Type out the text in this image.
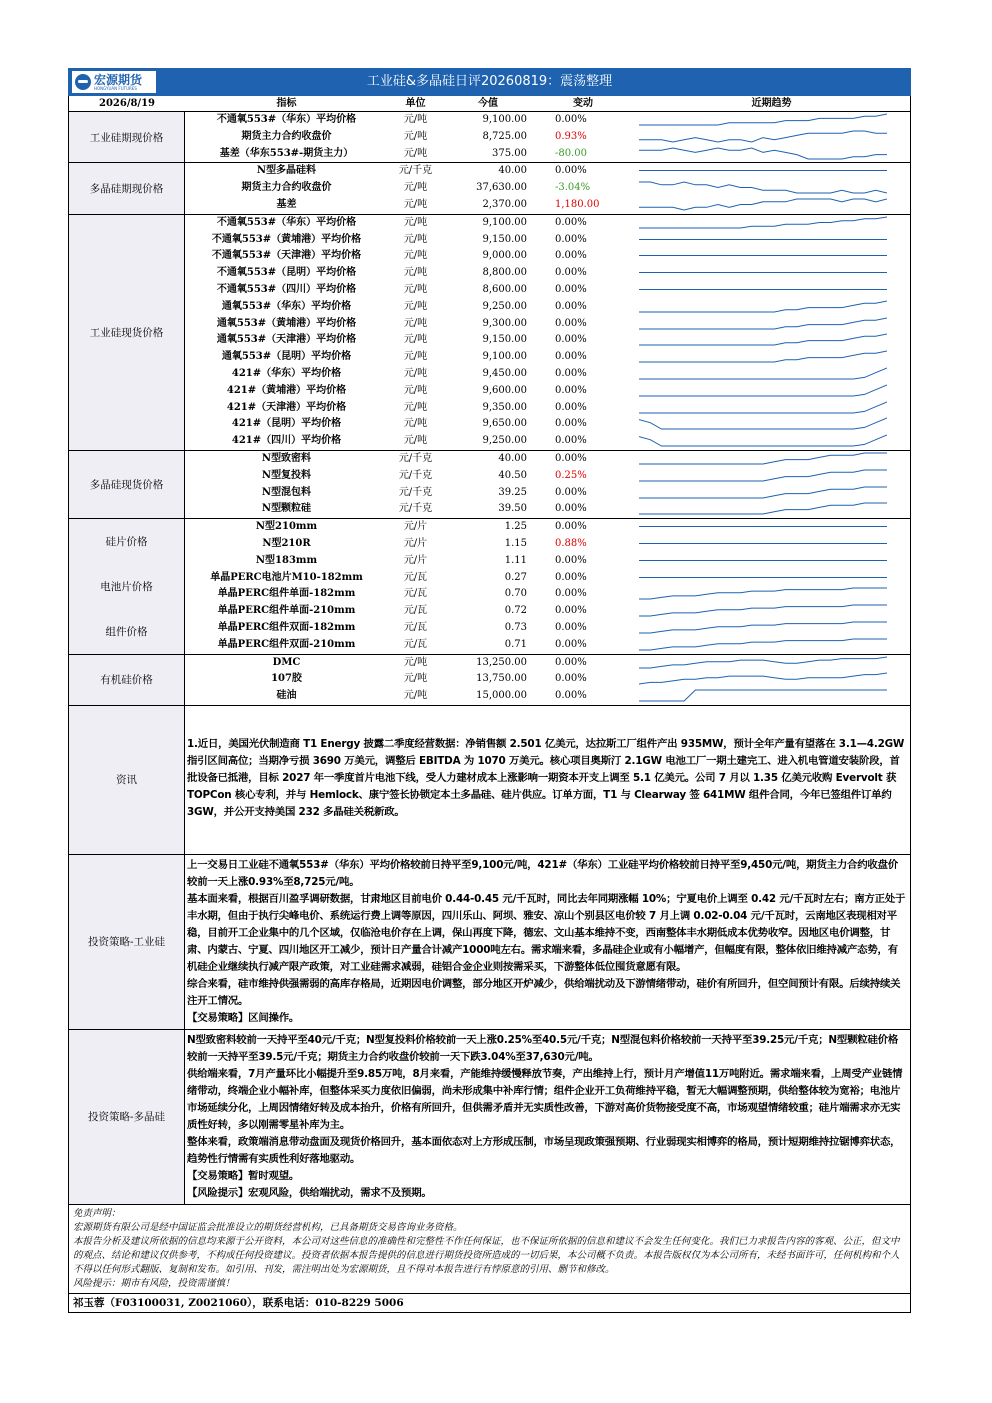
宏源期货
HONGYUAN FUTURES	工业硅&多晶硅日评20260819：震荡整理
2026/8/19	指标	单位	今值	变动	近期趋势
工业硅期现价格
不通氧553#（华东）平均价格	元/吨	9,100.00	0.00%
期货主力合约收盘价	元/吨	8,725.00	0.93%
基差（华东553#-期货主力）	元/吨	375.00	-80.00
多晶硅期现价格
N型多晶硅料	元/千克	40.00	0.00%
期货主力合约收盘价	元/吨	37,630.00	-3.04%
基差	元/吨	2,370.00	1,180.00
工业硅现货价格
不通氧553#（华东）平均价格	元/吨	9,100.00	0.00%
不通氧553#（黄埔港）平均价格	元/吨	9,150.00	0.00%
不通氧553#（天津港）平均价格	元/吨	9,000.00	0.00%
不通氧553#（昆明）平均价格	元/吨	8,800.00	0.00%
不通氧553#（四川）平均价格	元/吨	8,600.00	0.00%
通氧553#（华东）平均价格	元/吨	9,250.00	0.00%
通氧553#（黄埔港）平均价格	元/吨	9,300.00	0.00%
通氧553#（天津港）平均价格	元/吨	9,150.00	0.00%
通氧553#（昆明）平均价格	元/吨	9,100.00	0.00%
421#（华东）平均价格	元/吨	9,450.00	0.00%
421#（黄埔港）平均价格	元/吨	9,600.00	0.00%
421#（天津港）平均价格	元/吨	9,350.00	0.00%
421#（昆明）平均价格	元/吨	9,650.00	0.00%
421#（四川）平均价格	元/吨	9,250.00	0.00%
多晶硅现货价格
N型致密料	元/千克	40.00	0.00%
N型复投料	元/千克	40.50	0.25%
N型混包料	元/千克	39.25	0.00%
N型颗粒硅	元/千克	39.50	0.00%
硅片价格
电池片价格
组件价格
N型210mm	元/片	1.25	0.00%
N型210R	元/片	1.15	0.88%
N型183mm	元/片	1.11	0.00%
单晶PERC电池片M10-182mm	元/瓦	0.27	0.00%
单晶PERC组件单面-182mm	元/瓦	0.70	0.00%
单晶PERC组件单面-210mm	元/瓦	0.72	0.00%
单晶PERC组件双面-182mm	元/瓦	0.73	0.00%
单晶PERC组件双面-210mm	元/瓦	0.71	0.00%
有机硅价格
DMC	元/吨	13,250.00	0.00%
107胶	元/吨	13,750.00	0.00%
硅油	元/吨	15,000.00	0.00%
资讯

1.近日，美国光伏制造商 T1 Energy 披露二季度经营数据：净销售额 2.501 亿美元，达拉斯工厂组件产出 935MW，预计全年产量有望落在 3.1—4.2GW 指引区间高位；当期净亏损 3690 万美元，调整后 EBITDA 为 1070 万美元。核心项目奥斯汀 2.1GW 电池工厂一期土建完工、进入机电管道安装阶段，首批设备已抵港，目标 2027 年一季度首片电池下线，受人力建材成本上涨影响一期资本开支上调至 5.1 亿美元。公司 7 月以 1.35 亿美元收购 Evervolt 获 TOPCon 核心专利，并与 Hemlock、康宁签长协锁定本土多晶硅、硅片供应。订单方面，T1 与 Clearway 签 641MW 组件合同，今年已签组件订单约 3GW，并公开支持美国 232 多晶硅关税新政。

投资策略-工业硅

上一交易日工业硅不通氧553#（华东）平均价格较前日持平至9,100元/吨，421#（华东）工业硅平均价格较前日持平至9,450元/吨，期货主力合约收盘价较前一天上涨0.93%至8,725元/吨。

基本面来看，根据百川盈孚调研数据，甘肃地区目前电价 0.44-0.45 元/千瓦时，同比去年同期涨幅 10%；宁夏电价上调至 0.42 元/千瓦时左右；南方正处于丰水期，但由于执行尖峰电价、系统运行费上调等原因，四川乐山、阿坝、雅安、凉山个别县区电价较 7 月上调 0.02-0.04 元/千瓦时，云南地区表现相对平稳，目前开工企业集中的几个区域，仅临沧电价存在上调，保山再度下降，德宏、文山基本维持不变，西南整体丰水期低成本优势收窄。因地区电价调整，甘肃、内蒙古、宁夏、四川地区开工减少，预计日产量合计减产1000吨左右。需求端来看，多晶硅企业或有小幅增产，但幅度有限，整体依旧维持减产态势，有机硅企业继续执行减产限产政策，对工业硅需求减弱，硅铝合金企业则按需采买，下游整体低位囤货意愿有限。

综合来看，硅市维持供强需弱的高库存格局，近期因电价调整，部分地区开炉减少，供给端扰动及下游情绪带动，硅价有所回升，但空间预计有限。后续持续关注开工情况。

【交易策略】区间操作。

投资策略-多晶硅

N型致密料较前一天持平至40元/千克；N型复投料价格较前一天上涨0.25%至40.5元/千克；N型混包料价格较前一天持平至39.25元/千克；N型颗粒硅价格较前一天持平至39.5元/千克；期货主力合约收盘价较前一天下跌3.04%至37,630元/吨。

供给端来看，7月产量环比小幅提升至9.85万吨，8月来看，产能维持缓慢释放节奏，产出维持上行，预计月产增值11万吨附近。需求端来看，上周受产业链情绪带动，终端企业小幅补库，但整体采买力度依旧偏弱，尚未形成集中补库行情；组件企业开工负荷维持平稳，暂无大幅调整预期，供给整体较为宽裕；电池片市场延续分化，上周因情绪好转及成本抬升，价格有所回升，但供需矛盾并无实质性改善，下游对高价货物接受度不高，市场观望情绪较重；硅片端需求亦无实质性好转，多以刚需零星补库为主。

整体来看，政策端消息带动盘面及现货价格回升，基本面依态对上方形成压制，市场呈现政策强预期、行业弱现实相博弈的格局，预计短期维持拉锯博弈状态，趋势性行情需有实质性利好落地驱动。

【交易策略】暂时观望。

【风险提示】宏观风险，供给端扰动，需求不及预期。

免责声明：
宏源期货有限公司是经中国证监会批准设立的期货经营机构，已具备期货交易咨询业务资格。
本报告分析及建议所依据的信息均来源于公开资料，本公司对这些信息的准确性和完整性不作任何保证，也不保证所依据的信息和建议不会发生任何变化。我们已力求报告内容的客观、公正，但文中的观点、结论和建议仅供参考，不构成任何投资建议。投资者依据本报告提供的信息进行期货投资所造成的一切后果，本公司概不负责。本报告版权仅为本公司所有，未经书面许可，任何机构和个人不得以任何形式翻版、复制和发布。如引用、刊发，需注明出处为宏源期货，且不得对本报告进行有悖原意的引用、删节和修改。
风险提示：期市有风险，投资需谨慎！
祁玉蓉（F03100031, Z0021060），联系电话：010-8229 5006
